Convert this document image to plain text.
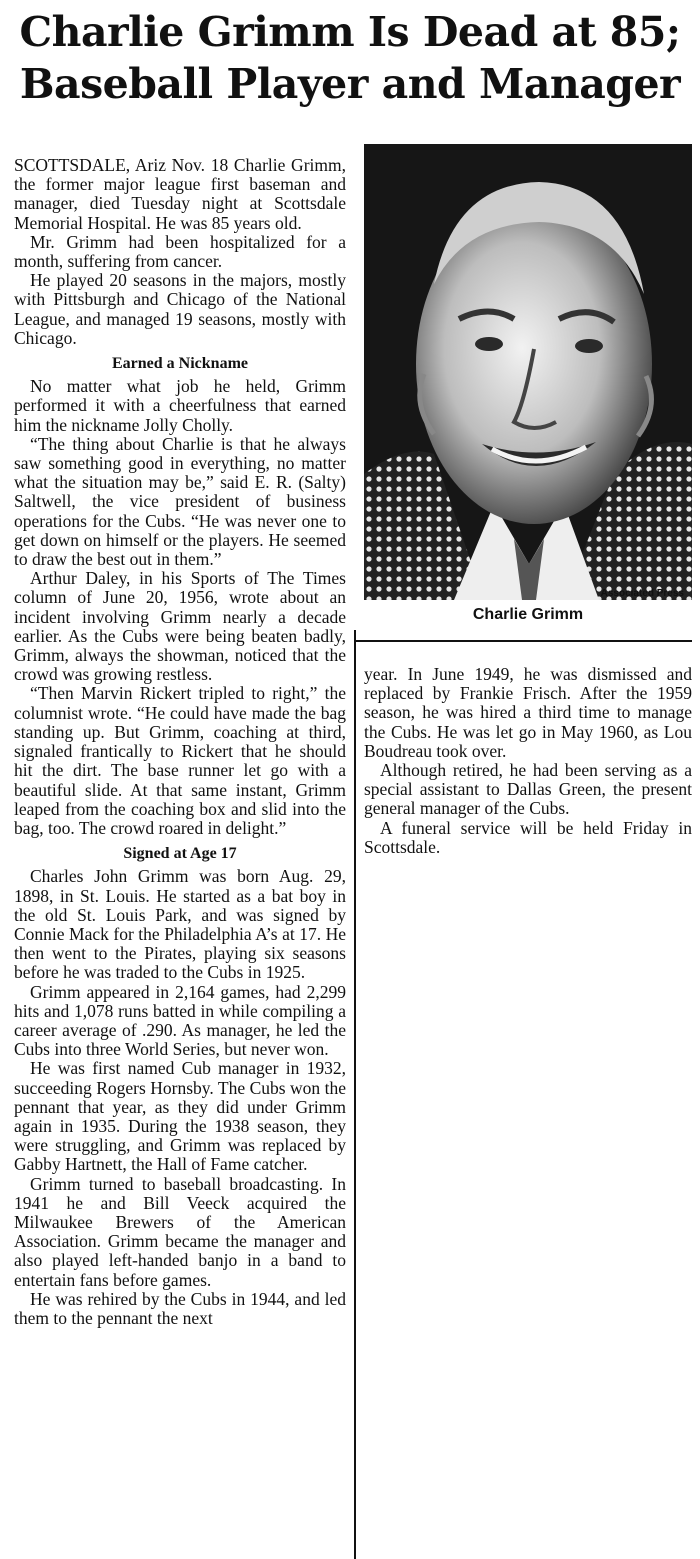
Charlie Grimm Is Dead at 85;
Baseball Player and Manager

SCOTTSDALE, Ariz Nov. 18 Charlie Grimm, the former major league first baseman and manager, died Tuesday night at Scottsdale Memorial Hospital. He was 85 years old.

Mr. Grimm had been hospitalized for a month, suffering from cancer.

He played 20 seasons in the majors, mostly with Pittsburgh and Chicago of the National League, and managed 19 seasons, mostly with Chicago.

Earned a Nickname

No matter what job he held, Grimm performed it with a cheerfulness that earned him the nickname Jolly Cholly.

“The thing about Charlie is that he always saw something good in everything, no matter what the situation may be,” said E. R. (Salty) Saltwell, the vice president of business operations for the Cubs. “He was never one to get down on himself or the players. He seemed to draw the best out in them.”

Arthur Daley, in his Sports of The Times column of June 20, 1956, wrote about an incident involving Grimm nearly a decade earlier. As the Cubs were being beaten badly, Grimm, always the showman, noticed that the crowd was growing restless.

“Then Marvin Rickert tripled to right,” the columnist wrote. “He could have made the bag standing up. But Grimm, coaching at third, signaled frantically to Rickert that he should hit the dirt. The base runner let go with a beautiful slide. At that same instant, Grimm leaped from the coaching box and slid into the bag, too. The crowd roared in delight.”

Signed at Age 17

Charles John Grimm was born Aug. 29, 1898, in St. Louis. He started as a bat boy in the old St. Louis Park, and was signed by Connie Mack for the Philadelphia A’s at 17. He then went to the Pirates, playing six seasons before he was traded to the Cubs in 1925.

Grimm appeared in 2,164 games, had 2,299 hits and 1,078 runs batted in while compiling a career average of .290. As manager, he led the Cubs into three World Series, but never won.

He was first named Cub manager in 1932, succeeding Rogers Hornsby. The Cubs won the pennant that year, as they did under Grimm again in 1935. During the 1938 season, they were struggling, and Grimm was replaced by Gabby Hartnett, the Hall of Fame catcher.

Grimm turned to baseball broadcasting. In 1941 he and Bill Veeck acquired the Milwaukee Brewers of the American Association. Grimm became the manager and also played left-handed banjo in a band to entertain fans before games.

He was rehired by the Cubs in 1944, and led them to the pennant the next

Associated Press
Charlie Grimm

year. In June 1949, he was dismissed and replaced by Frankie Frisch. After the 1959 season, he was hired a third time to manage the Cubs. He was let go in May 1960, as Lou Boudreau took over.

Although retired, he had been serving as a special assistant to Dallas Green, the present general manager of the Cubs.

A funeral service will be held Friday in Scottsdale.
